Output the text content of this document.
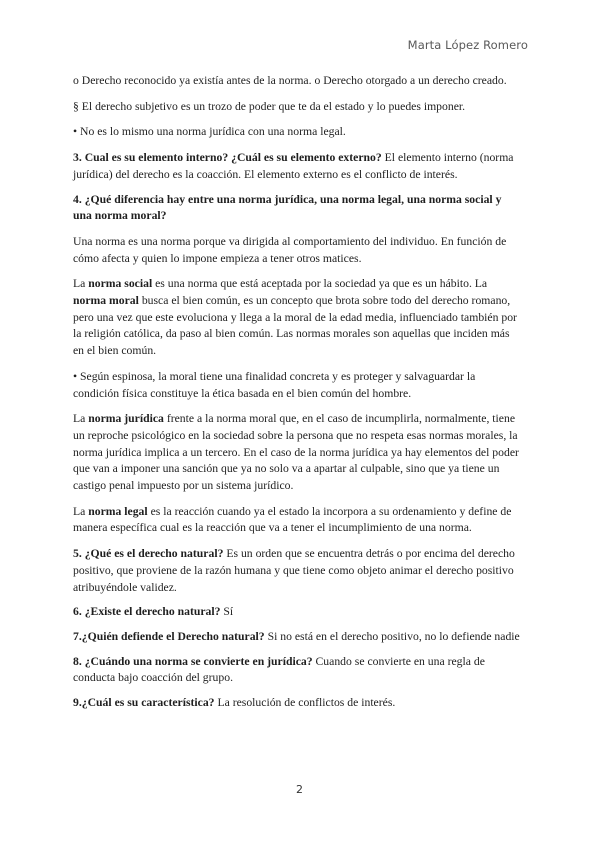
Marta López Romero

o Derecho reconocido ya existía antes de la norma. o Derecho otorgado a un derecho creado.

§ El derecho subjetivo es un trozo de poder que te da el estado y lo puedes imponer.

• No es lo mismo una norma jurídica con una norma legal.

3. Cual es su elemento interno? ¿Cuál es su elemento externo? El elemento interno (norma jurídica) del derecho es la coacción. El elemento externo es el conflicto de interés.

4. ¿Qué diferencia hay entre una norma jurídica, una norma legal, una norma social y una norma moral?

Una norma es una norma porque va dirigida al comportamiento del individuo. En función de cómo afecta y quien lo impone empieza a tener otros matices.

La norma social es una norma que está aceptada por la sociedad ya que es un hábito. La norma moral busca el bien común, es un concepto que brota sobre todo del derecho romano, pero una vez que este evoluciona y llega a la moral de la edad media, influenciado también por la religión católica, da paso al bien común. Las normas morales son aquellas que inciden más en el bien común.

• Según espinosa, la moral tiene una finalidad concreta y es proteger y salvaguardar la condición física constituye la ética basada en el bien común del hombre.

La norma jurídica frente a la norma moral que, en el caso de incumplirla, normalmente, tiene un reproche psicológico en la sociedad sobre la persona que no respeta esas normas morales, la norma jurídica implica a un tercero. En el caso de la norma jurídica ya hay elementos del poder que van a imponer una sanción que ya no solo va a apartar al culpable, sino que ya tiene un castigo penal impuesto por un sistema jurídico.

La norma legal es la reacción cuando ya el estado la incorpora a su ordenamiento y define de manera específica cual es la reacción que va a tener el incumplimiento de una norma.

5. ¿Qué es el derecho natural? Es un orden que se encuentra detrás o por encima del derecho positivo, que proviene de la razón humana y que tiene como objeto animar el derecho positivo atribuyéndole validez.

6. ¿Existe el derecho natural? Sí

7.¿Quién defiende el Derecho natural? Si no está en el derecho positivo, no lo defiende nadie

8. ¿Cuándo una norma se convierte en jurídica? Cuando se convierte en una regla de conducta bajo coacción del grupo.

9.¿Cuál es su característica? La resolución de conflictos de interés.

2
